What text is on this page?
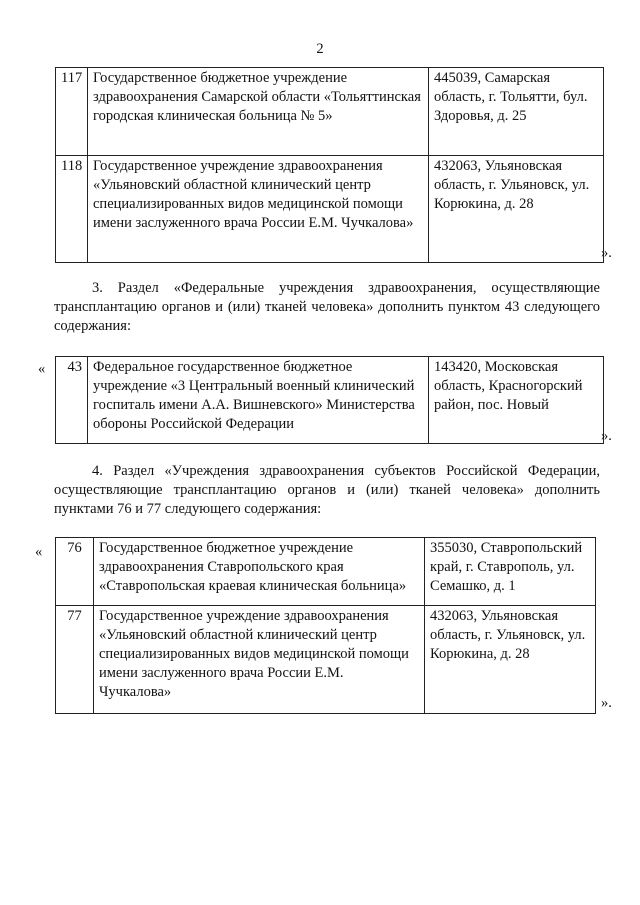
2
117	Государственное бюджетное учреждение здравоохранения Самарской области «Тольяттинская городская клиническая больница № 5»	445039, Самарская область, г. Тольятти, бул. Здоровья, д. 25
118	Государственное учреждение здравоохранения «Ульяновский областной клинический центр специализированных видов медицинской помощи имени заслуженного врача России Е.М. Чучкалова»	432063, Ульяновская область, г. Ульяновск, ул. Корюкина, д. 28
».
3. Раздел «Федеральные учреждения здравоохранения, осуществляющие трансплантацию органов и (или) тканей человека» дополнить пунктом 43 следующего содержания:
« 43	Федеральное государственное бюджетное учреждение «3 Центральный военный клинический госпиталь имени А.А. Вишневского» Министерства обороны Российской Федерации	143420, Московская область, Красногорский район, пос. Новый
».
4. Раздел «Учреждения здравоохранения субъектов Российской Федерации, осуществляющие трансплантацию органов и (или) тканей человека» дополнить пунктами 76 и 77 следующего содержания:
« 76	Государственное бюджетное учреждение здравоохранения Ставропольского края «Ставропольская краевая клиническая больница»	355030, Ставропольский край, г. Ставрополь, ул. Семашко, д. 1
77	Государственное учреждение здравоохранения «Ульяновский областной клинический центр специализированных видов медицинской помощи имени заслуженного врача России Е.М. Чучкалова»	432063, Ульяновская область, г. Ульяновск, ул. Корюкина, д. 28
».
